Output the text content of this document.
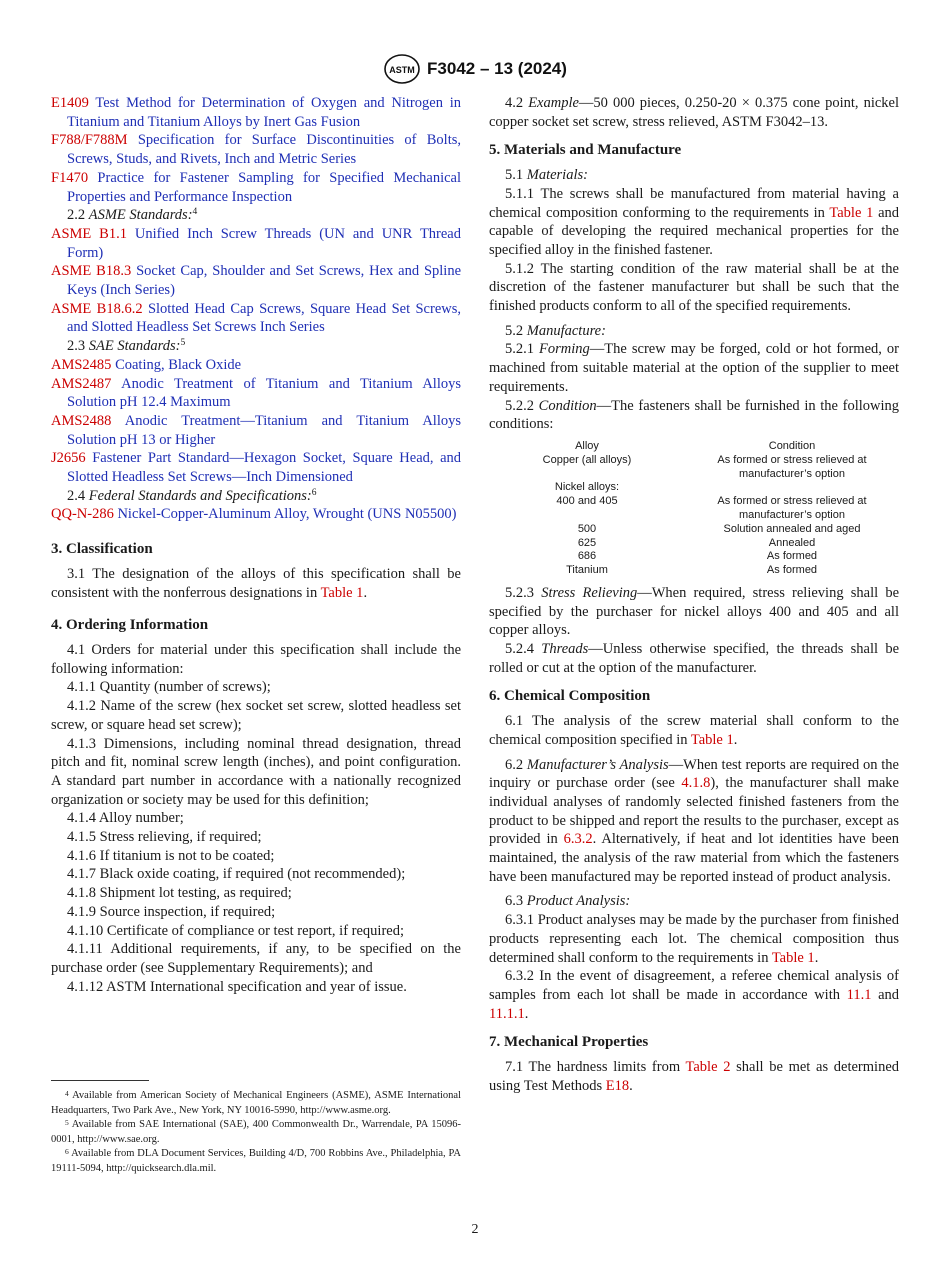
ASTM F3042 – 13 (2024)

E1409 Test Method for Determination of Oxygen and Nitrogen in Titanium and Titanium Alloys by Inert Gas Fusion

F788/F788M Specification for Surface Discontinuities of Bolts, Screws, Studs, and Rivets, Inch and Metric Series

F1470 Practice for Fastener Sampling for Specified Mechanical Properties and Performance Inspection

2.2 ASME Standards:$^4$

ASME B1.1 Unified Inch Screw Threads (UN and UNR Thread Form)

ASME B18.3 Socket Cap, Shoulder and Set Screws, Hex and Spline Keys (Inch Series)

ASME B18.6.2 Slotted Head Cap Screws, Square Head Set Screws, and Slotted Headless Set Screws Inch Series

2.3 SAE Standards:$^5$

AMS2485 Coating, Black Oxide

AMS2487 Anodic Treatment of Titanium and Titanium Alloys Solution pH 12.4 Maximum

AMS2488 Anodic Treatment—Titanium and Titanium Alloys Solution pH 13 or Higher

J2656 Fastener Part Standard—Hexagon Socket, Square Head, and Slotted Headless Set Screws—Inch Dimensioned

2.4 Federal Standards and Specifications:$^6$

QQ-N-286 Nickel-Copper-Aluminum Alloy, Wrought (UNS N05500)

3. Classification

3.1 The designation of the alloys of this specification shall be consistent with the nonferrous designations in Table 1.

4. Ordering Information

4.1 Orders for material under this specification shall include the following information:

4.1.1 Quantity (number of screws);

4.1.2 Name of the screw (hex socket set screw, slotted headless set screw, or square head set screw);

4.1.3 Dimensions, including nominal thread designation, thread pitch and fit, nominal screw length (inches), and point configuration. A standard part number in accordance with a nationally recognized organization or society may be used for this definition;

4.1.4 Alloy number;

4.1.5 Stress relieving, if required;

4.1.6 If titanium is not to be coated;

4.1.7 Black oxide coating, if required (not recommended);

4.1.8 Shipment lot testing, as required;

4.1.9 Source inspection, if required;

4.1.10 Certificate of compliance or test report, if required;

4.1.11 Additional requirements, if any, to be specified on the purchase order (see Supplementary Requirements); and

4.1.12 ASTM International specification and year of issue.

4.2 Example—50 000 pieces, 0.250-20 × 0.375 cone point, nickel copper socket set screw, stress relieved, ASTM F3042–13.

5. Materials and Manufacture

5.1 Materials:

5.1.1 The screws shall be manufactured from material having a chemical composition conforming to the requirements in Table 1 and capable of developing the required mechanical properties for the specified alloy in the finished fastener.

5.1.2 The starting condition of the raw material shall be at the discretion of the fastener manufacturer but shall be such that the finished products conform to all of the specified requirements.

5.2 Manufacture:

5.2.1 Forming—The screw may be forged, cold or hot formed, or machined from suitable material at the option of the supplier to meet requirements.

5.2.2 Condition—The fasteners shall be furnished in the following conditions:

Alloy	Condition
Copper (all alloys)	As formed or stress relieved at manufacturer’s option
Nickel alloys:	
400 and 405	As formed or stress relieved at manufacturer’s option
500	Solution annealed and aged
625	Annealed
686	As formed
Titanium	As formed

5.2.3 Stress Relieving—When required, stress relieving shall be specified by the purchaser for nickel alloys 400 and 405 and all copper alloys.

5.2.4 Threads—Unless otherwise specified, the threads shall be rolled or cut at the option of the manufacturer.

6. Chemical Composition

6.1 The analysis of the screw material shall conform to the chemical composition specified in Table 1.

6.2 Manufacturer’s Analysis—When test reports are required on the inquiry or purchase order (see 4.1.8), the manufacturer shall make individual analyses of randomly selected finished fasteners from the product to be shipped and report the results to the purchaser, except as provided in 6.3.2. Alternatively, if heat and lot identities have been maintained, the analysis of the raw material from which the fasteners have been manufactured may be reported instead of product analysis.

6.3 Product Analysis:

6.3.1 Product analyses may be made by the purchaser from finished products representing each lot. The chemical composition thus determined shall conform to the requirements in Table 1.

6.3.2 In the event of disagreement, a referee chemical analysis of samples from each lot shall be made in accordance with 11.1 and 11.1.1.

7. Mechanical Properties

7.1 The hardness limits from Table 2 shall be met as determined using Test Methods E18.

$^4$ Available from American Society of Mechanical Engineers (ASME), ASME International Headquarters, Two Park Ave., New York, NY 10016-5990, http://www.asme.org.

$^5$ Available from SAE International (SAE), 400 Commonwealth Dr., Warrendale, PA 15096-0001, http://www.sae.org.

$^6$ Available from DLA Document Services, Building 4/D, 700 Robbins Ave., Philadelphia, PA 19111-5094, http://quicksearch.dla.mil.

2
